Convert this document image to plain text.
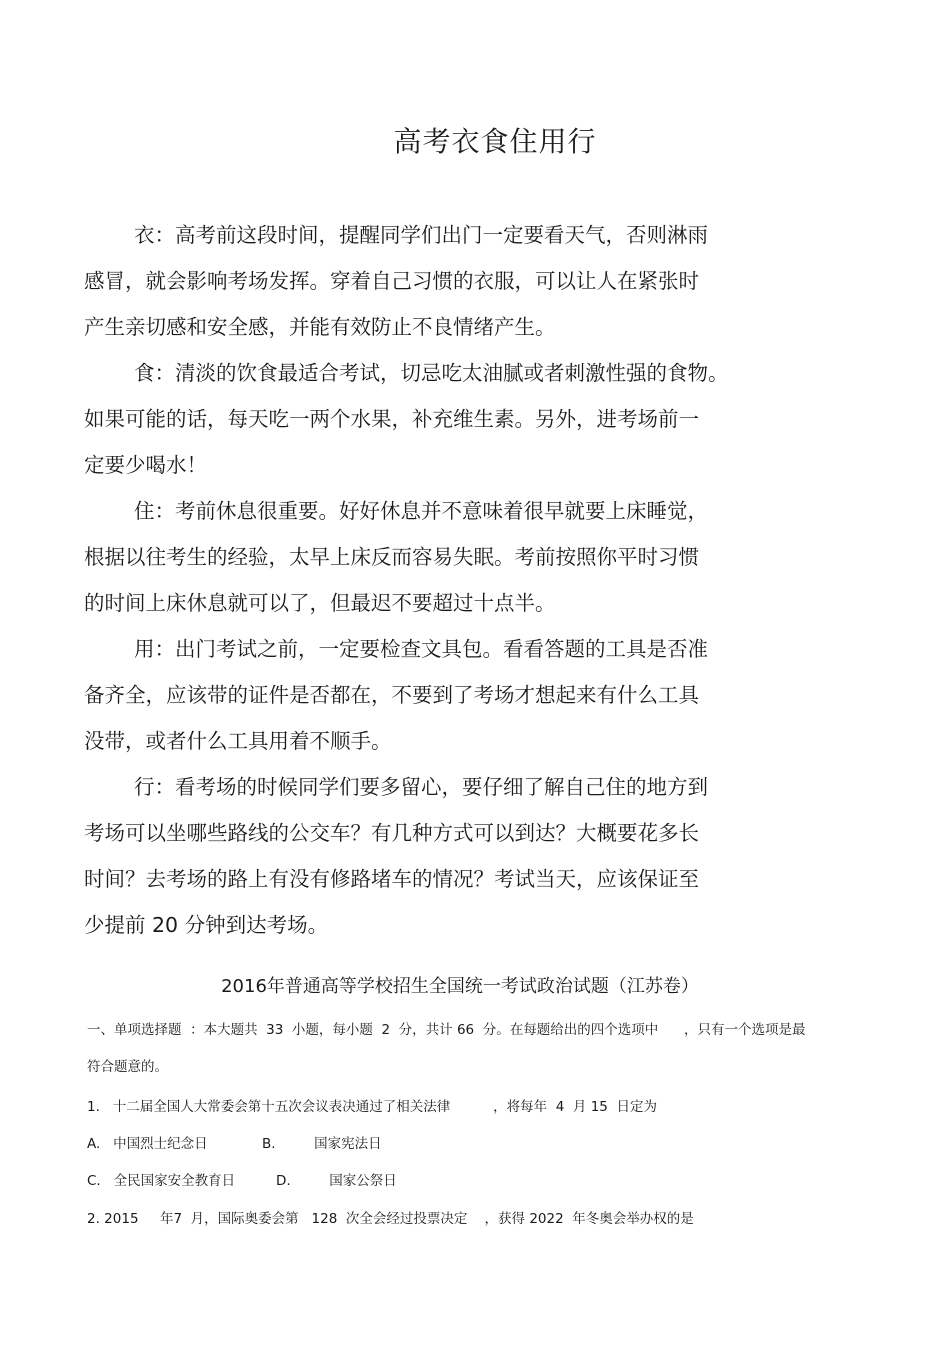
高考衣食住用行
衣：高考前这段时间，提醒同学们出门一定要看天气，否则淋雨
感冒，就会影响考场发挥。穿着自己习惯的衣服，可以让人在紧张时
产生亲切感和安全感，并能有效防止不良情绪产生。
食：清淡的饮食最适合考试，切忌吃太油腻或者刺激性强的食物。
如果可能的话，每天吃一两个水果，补充维生素。另外，进考场前一
定要少喝水！
住：考前休息很重要。好好休息并不意味着很早就要上床睡觉，
根据以往考生的经验，太早上床反而容易失眠。考前按照你平时习惯
的时间上床休息就可以了，但最迟不要超过十点半。
用：出门考试之前，一定要检查文具包。看看答题的工具是否准
备齐全，应该带的证件是否都在，不要到了考场才想起来有什么工具
没带，或者什么工具用着不顺手。
行：看考场的时候同学们要多留心，要仔细了解自己住的地方到
考场可以坐哪些路线的公交车？有几种方式可以到达？大概要花多长
时间？去考场的路上有没有修路堵车的情况？考试当天，应该保证至
少提前 20 分钟到达考场。
2016年普通高等学校招生全国统一考试政治试题（江苏卷）
一、单项选择题  ：本大题共  33  小题，每小题  2  分，共计 66  分。在每题给出的四个选项中      ，只有一个选项是最
符合题意的。
1.   十二届全国人大常委会第十五次会议表决通过了相关法律          ，将每年  4  月 15  日定为
A.   中国烈士纪念日	B.         国家宪法日
C.   全民国家安全教育日	D.         国家公祭日
2. 2015     年7  月，国际奥委会第   128  次全会经过投票决定    ，获得 2022  年冬奥会举办权的是
